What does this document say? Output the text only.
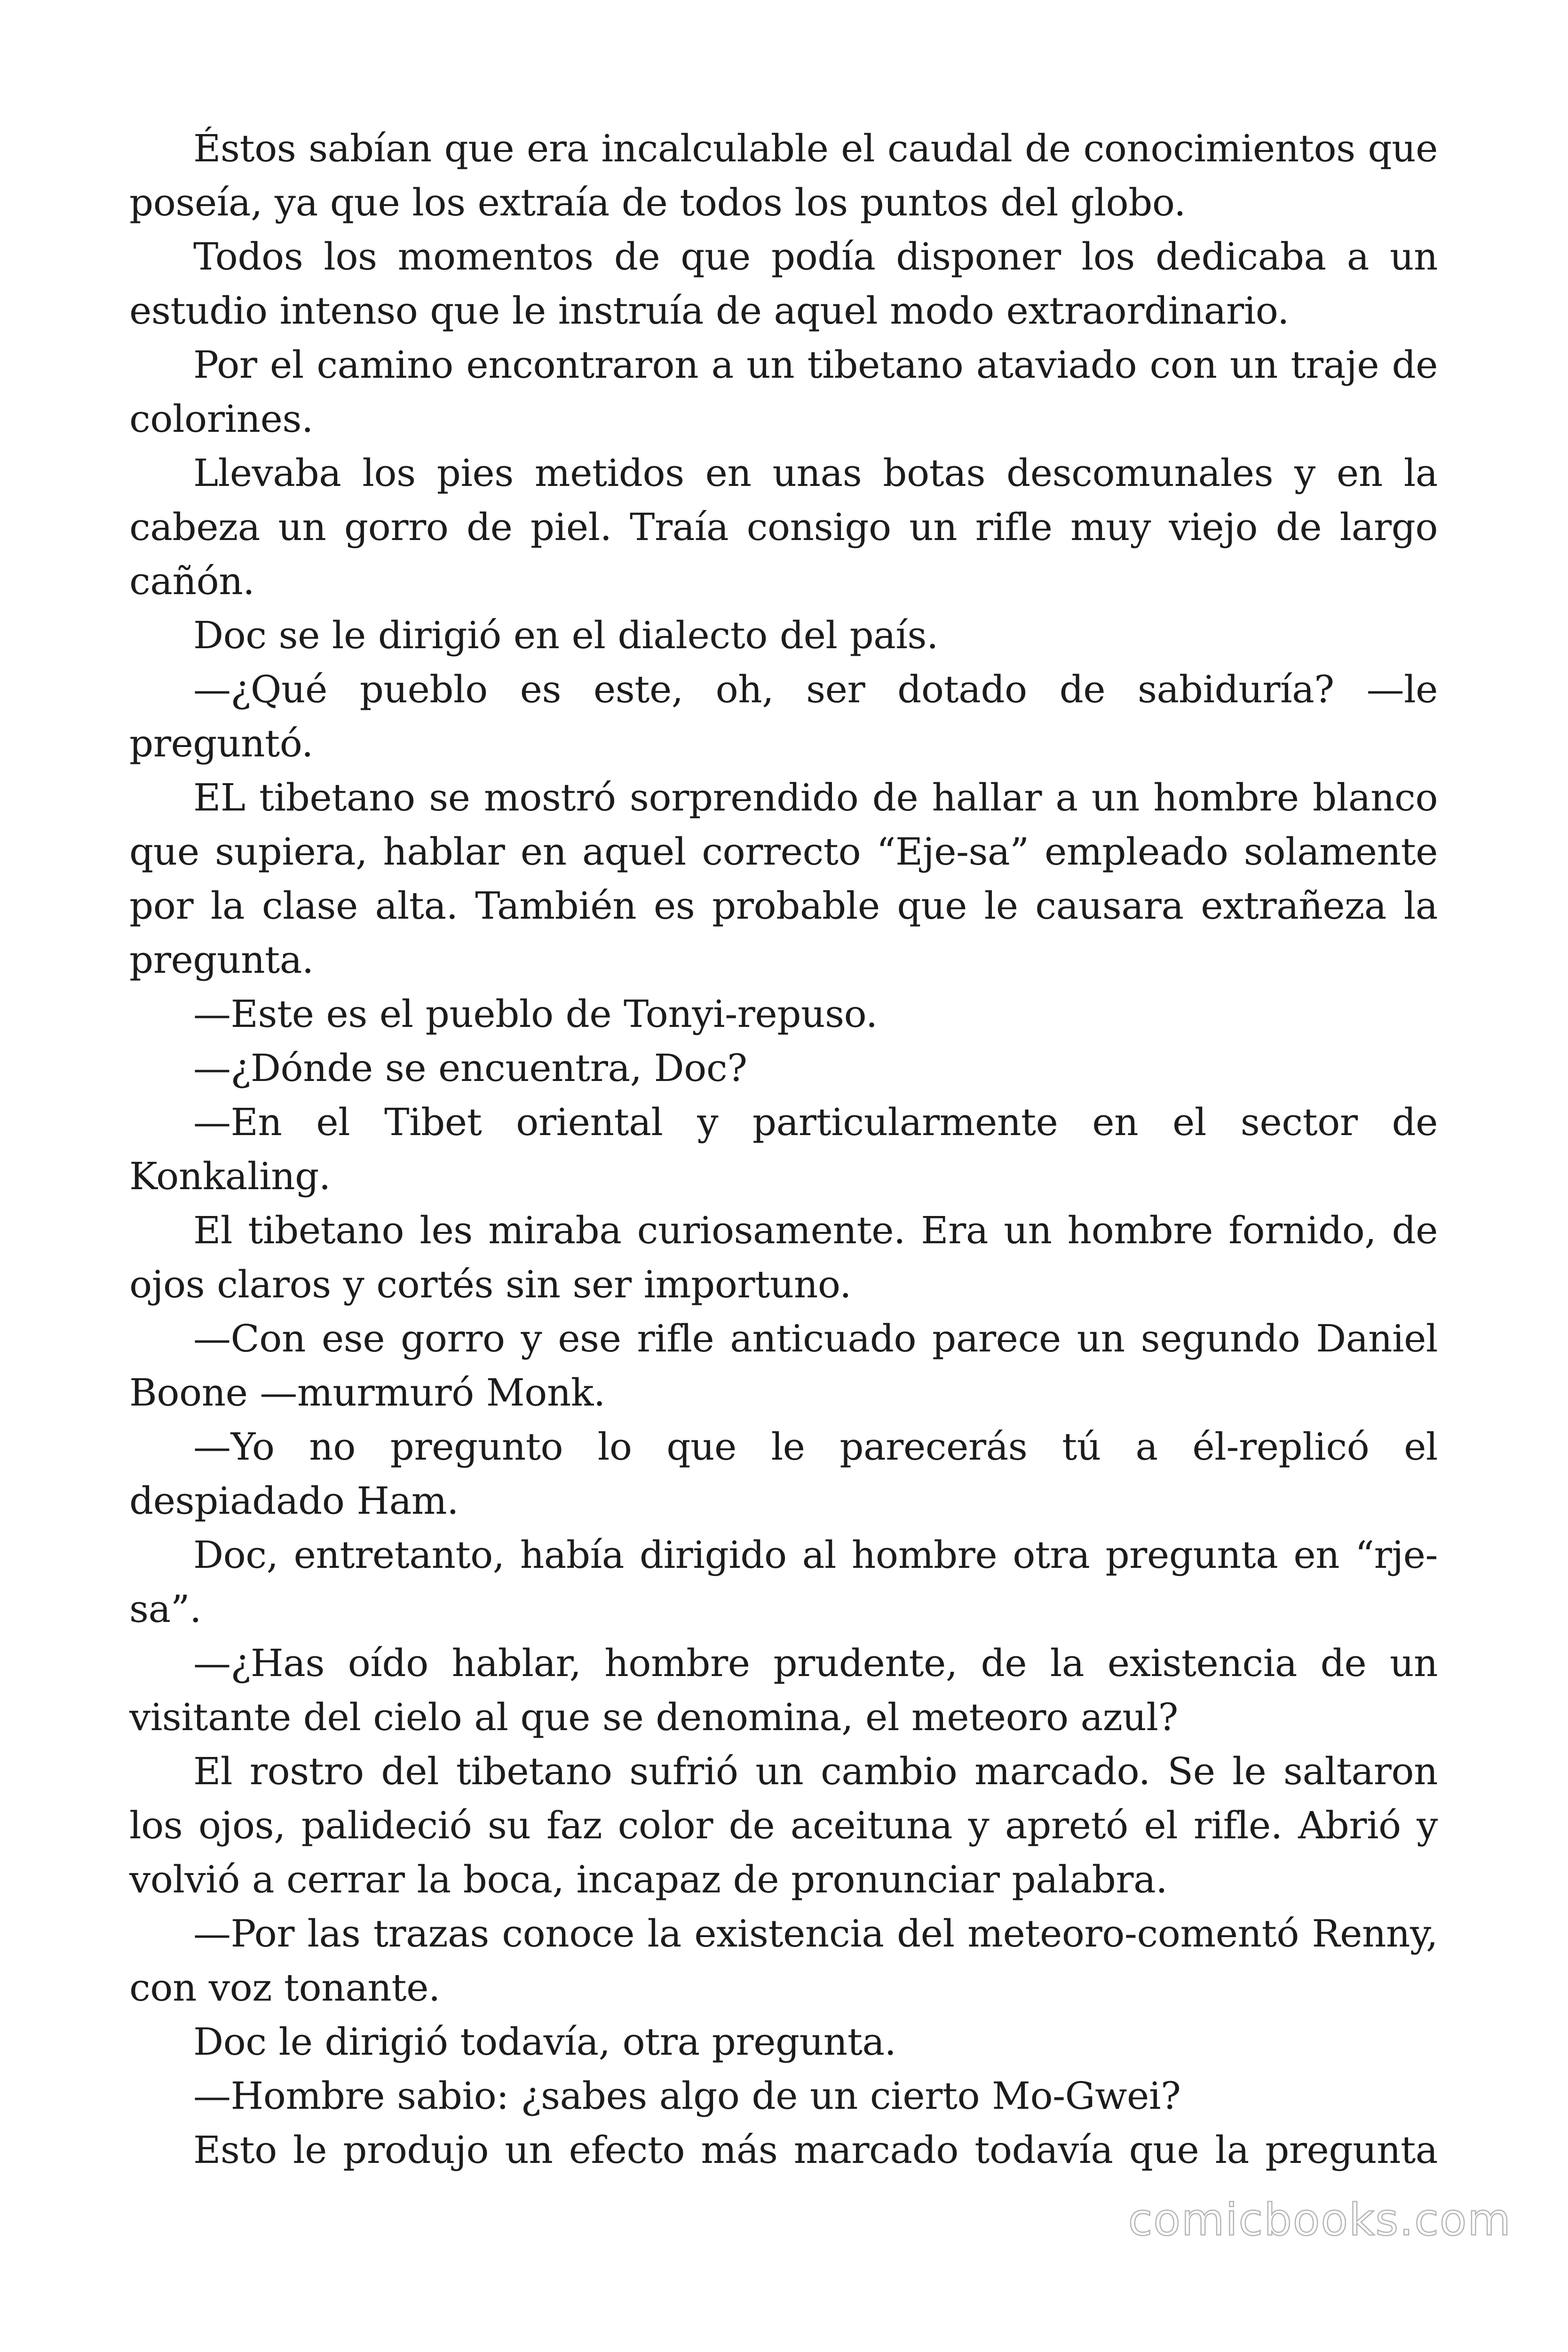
Éstos sabían que era incalculable el caudal de conocimientos que poseía, ya que los extraía de todos los puntos del globo.

Todos los momentos de que podía disponer los dedicaba a un estudio intenso que le instruía de aquel modo extraordinario.

Por el camino encontraron a un tibetano ataviado con un traje de colorines.

Llevaba los pies metidos en unas botas descomunales y en la cabeza un gorro de piel. Traía consigo un rifle muy viejo de largo cañón.

Doc se le dirigió en el dialecto del país.

—¿Qué pueblo es este, oh, ser dotado de sabiduría? —le preguntó.

EL tibetano se mostró sorprendido de hallar a un hombre blanco que supiera, hablar en aquel correcto “Eje-sa” empleado solamente por la clase alta. También es probable que le causara extrañeza la pregunta.

—Este es el pueblo de Tonyi-repuso.

—¿Dónde se encuentra, Doc?

—En el Tibet oriental y particularmente en el sector de Konkaling.

El tibetano les miraba curiosamente. Era un hombre fornido, de ojos claros y cortés sin ser importuno.

—Con ese gorro y ese rifle anticuado parece un segundo Daniel Boone —murmuró Monk.

—Yo no pregunto lo que le parecerás tú a él-replicó el despiadado Ham.

Doc, entretanto, había dirigido al hombre otra pregunta en “rje-sa”.

—¿Has oído hablar, hombre prudente, de la existencia de un visitante del cielo al que se denomina, el meteoro azul?

El rostro del tibetano sufrió un cambio marcado. Se le saltaron los ojos, palideció su faz color de aceituna y apretó el rifle. Abrió y volvió a cerrar la boca, incapaz de pronunciar palabra.

—Por las trazas conoce la existencia del meteoro-comentó Renny, con voz tonante.

Doc le dirigió todavía, otra pregunta.

—Hombre sabio: ¿sabes algo de un cierto Mo-Gwei?

Esto le produjo un efecto más marcado todavía que la pregunta

comicbooks.com
